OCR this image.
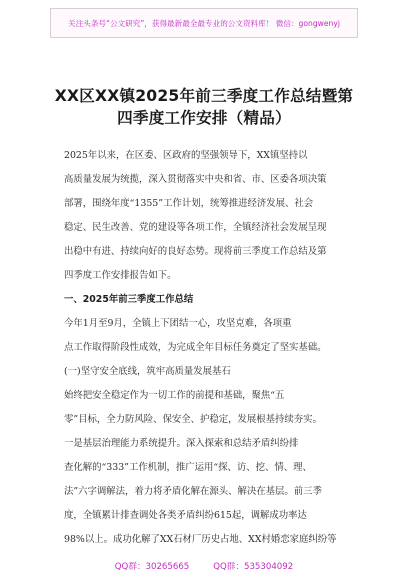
关注头条号“公文研究”，获得最新最全最专业的公文资料库！ 微信：gongwenyj
XX区XX镇2025年前三季度工作总结暨第
四季度工作安排（精品）
2025年以来，在区委、区政府的坚强领导下，XX镇坚持以
高质量发展为统揽，深入贯彻落实中央和省、市、区委各项决策
部署，围绕年度“1355”工作计划，统筹推进经济发展、社会
稳定、民生改善、党的建设等各项工作，全镇经济社会发展呈现
出稳中有进、持续向好的良好态势。现将前三季度工作总结及第
四季度工作安排报告如下。
一、2025年前三季度工作总结
今年1月至9月，全镇上下团结一心，攻坚克难，各项重
点工作取得阶段性成效，为完成全年目标任务奠定了坚实基础。
(一)坚守安全底线，筑牢高质量发展基石
始终把安全稳定作为一切工作的前提和基础，聚焦“五
零”目标，全力防风险、保安全、护稳定，发展根基持续夯实。
一是基层治理能力系统提升。深入探索和总结矛盾纠纷排
查化解的“333”工作机制，推广运用“探、访、挖、情、理、
法”六字调解法，着力将矛盾化解在源头、解决在基层。前三季
度，全镇累计排查调处各类矛盾纠纷615起，调解成功率达
98%以上。成功化解了XX石材厂历史占地、XX村婚恋家庭纠纷等
QQ群：30265665	QQ群：535304092
